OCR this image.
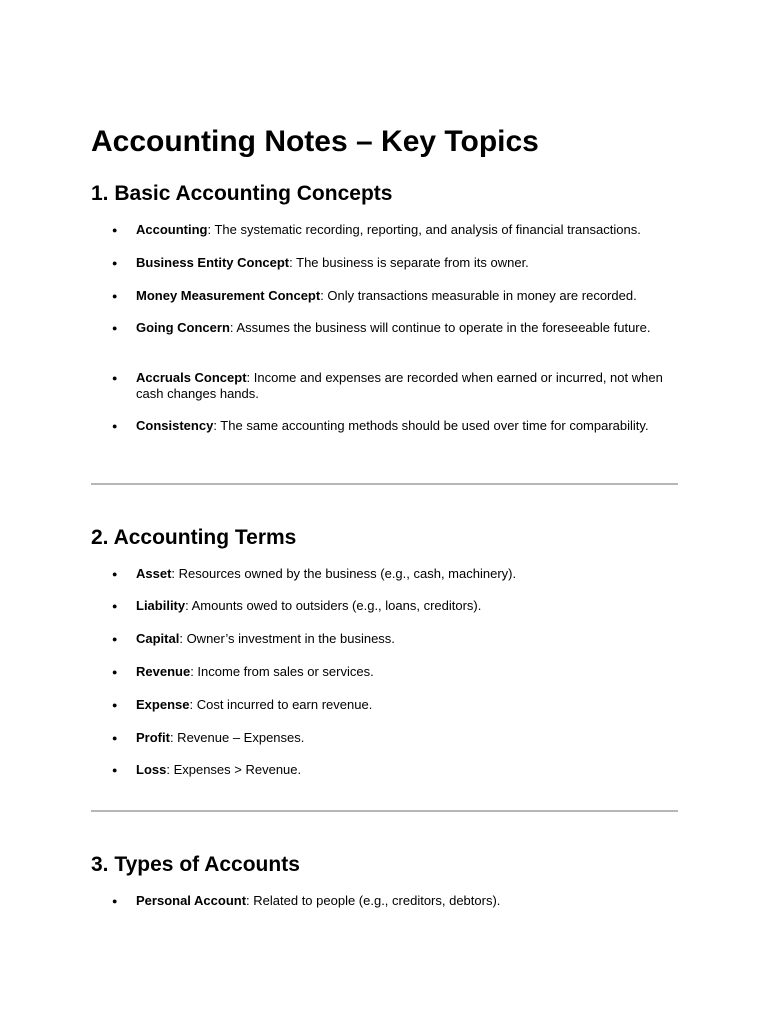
Accounting Notes – Key Topics
1. Basic Accounting Concepts
● Accounting: The systematic recording, reporting, and analysis of financial transactions.
● Business Entity Concept: The business is separate from its owner.
● Money Measurement Concept: Only transactions measurable in money are recorded.
● Going Concern: Assumes the business will continue to operate in the foreseeable future.
● Accruals Concept: Income and expenses are recorded when earned or incurred, not when cash changes hands.
● Consistency: The same accounting methods should be used over time for comparability.
2. Accounting Terms
● Asset: Resources owned by the business (e.g., cash, machinery).
● Liability: Amounts owed to outsiders (e.g., loans, creditors).
● Capital: Owner’s investment in the business.
● Revenue: Income from sales or services.
● Expense: Cost incurred to earn revenue.
● Profit: Revenue – Expenses.
● Loss: Expenses > Revenue.
3. Types of Accounts
● Personal Account: Related to people (e.g., creditors, debtors).
